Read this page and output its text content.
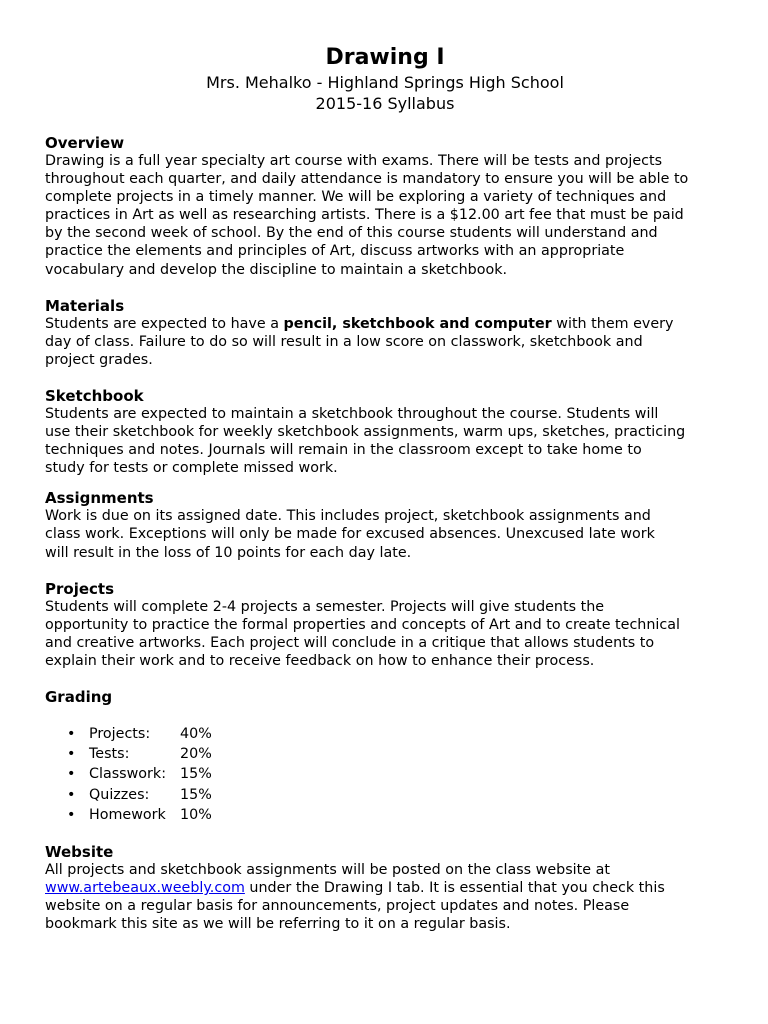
Drawing I

Mrs. Mehalko - Highland Springs High School

2015-16 Syllabus

Overview

Drawing is a full year specialty art course with exams. There will be tests and projects
throughout each quarter, and daily attendance is mandatory to ensure you will be able to
complete projects in a timely manner. We will be exploring a variety of techniques and
practices in Art as well as researching artists. There is a $12.00 art fee that must be paid
by the second week of school. By the end of this course students will understand and
practice the elements and principles of Art, discuss artworks with an appropriate
vocabulary and develop the discipline to maintain a sketchbook.

Materials

Students are expected to have a pencil, sketchbook and computer with them every
day of class. Failure to do so will result in a low score on classwork, sketchbook and
project grades.

Sketchbook

Students are expected to maintain a sketchbook throughout the course. Students will
use their sketchbook for weekly sketchbook assignments, warm ups, sketches, practicing
techniques and notes. Journals will remain in the classroom except to take home to
study for tests or complete missed work.

Assignments

Work is due on its assigned date. This includes project, sketchbook assignments and
class work. Exceptions will only be made for excused absences. Unexcused late work
will result in the loss of 10 points for each day late.

Projects

Students will complete 2-4 projects a semester. Projects will give students the
opportunity to practice the formal properties and concepts of Art and to create technical
and creative artworks. Each project will conclude in a critique that allows students to
explain their work and to receive feedback on how to enhance their process.

Grading

• Projects:	40%
• Tests:	20%
• Classwork: 15%
• Quizzes:	15%
• Homework 10%

Website

All projects and sketchbook assignments will be posted on the class website at
www.artebeaux.weebly.com under the Drawing I tab. It is essential that you check this
website on a regular basis for announcements, project updates and notes. Please
bookmark this site as we will be referring to it on a regular basis.
